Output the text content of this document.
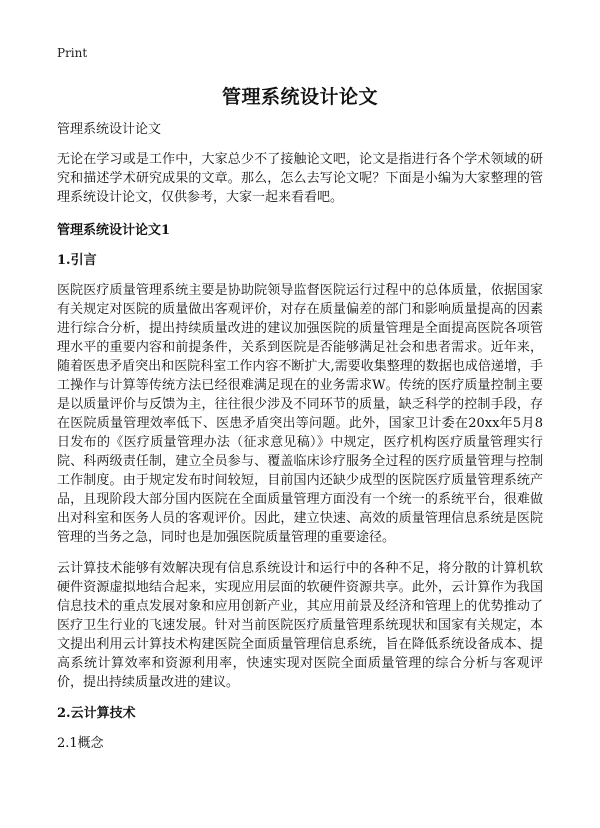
Print
管理系统设计论文
管理系统设计论文

无论在学习或是工作中，大家总少不了接触论文吧，论文是指进行各个学术领域的研究和描述学术研究成果的文章。那么，怎么去写论文呢？下面是小编为大家整理的管理系统设计论文，仅供参考，大家一起来看看吧。

管理系统设计论文1
1.引言

医院医疗质量管理系统主要是协助院领导监督医院运行过程中的总体质量，依据国家有关规定对医院的质量做出客观评价，对存在质量偏差的部门和影响质量提高的因素进行综合分析，提出持续质量改进的建议加强医院的质量管理是全面提高医院各项管理水平的重要内容和前提条件，关系到医院是否能够满足社会和患者需求。近年来，随着医患矛盾突出和医院科室工作内容不断扩大,需要收集整理的数据也成倍递增，手工操作与计算等传统方法已经很难满足现在的业务需求W。传统的医疗质量控制主要是以质量评价与反馈为主，往往很少涉及不同环节的质量，缺乏科学的控制手段，存在医院质量管理效率低下、医患矛盾突出等问题。此外，国家卫计委在20xx年5月8日发布的《医疗质量管理办法（征求意见稿）》中规定，医疗机构医疗质量管理实行院、科两级责任制，建立全员参与、覆盖临床诊疗服务全过程的医疗质量管理与控制工作制度。由于规定发布时间较短，目前国内还缺少成型的医院医疗质量管理系统产品，且现阶段大部分国内医院在全面质量管理方面没有一个统一的系统平台，很难做出对科室和医务人员的客观评价。因此，建立快速、高效的质量管理信息系统是医院管理的当务之急，同时也是加强医院质量管理的重要途径。

云计算技术能够有效解决现有信息系统设计和运行中的各种不足，将分散的计算机软硬件资源虚拟地结合起来，实现应用层面的软硬件资源共享。此外，云计算作为我国信息技术的重点发展对象和应用创新产业，其应用前景及经济和管理上的优势推动了医疗卫生行业的飞速发展。针对当前医院医疗质量管理系统现状和国家有关规定，本文提出利用云计算技术构建医院全面质量管理信息系统，旨在降低系统设备成本、提高系统计算效率和资源利用率，快速实现对医院全面质量管理的综合分析与客观评价，提出持续质量改进的建议。

2.云计算技术
2.1概念
